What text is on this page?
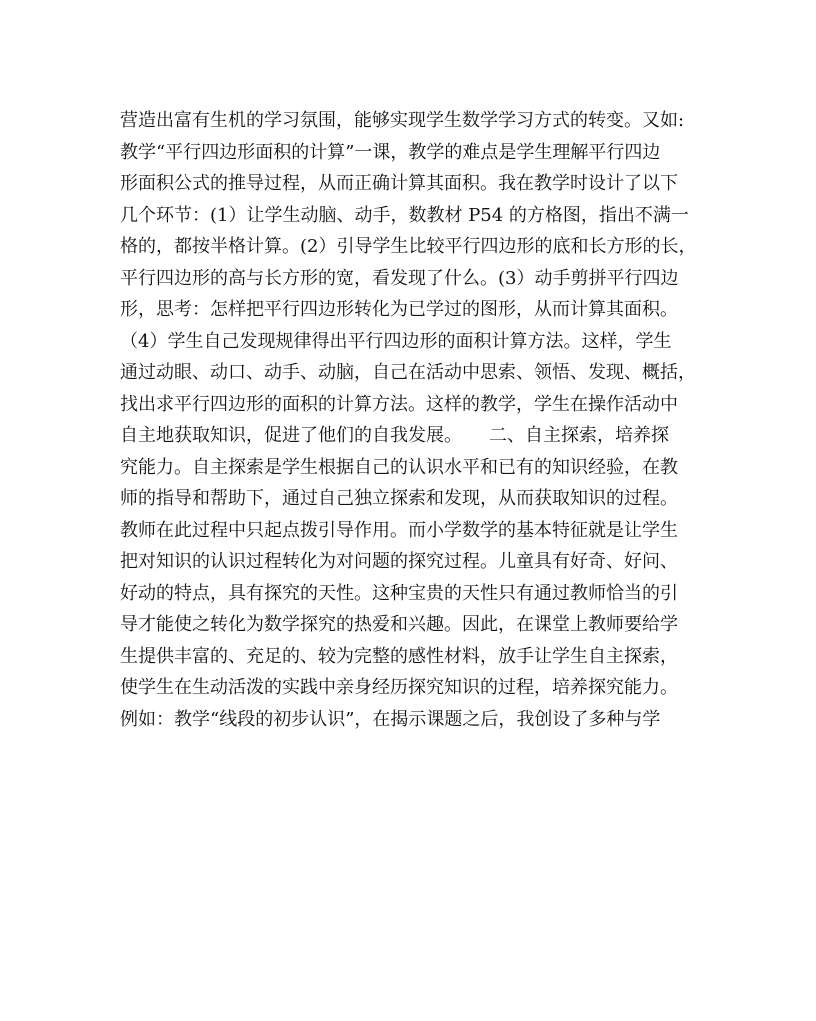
营造出富有生机的学习氛围，能够实现学生数学学习方式的转变。又如:
教学“平行四边形面积的计算”一课，教学的难点是学生理解平行四边
形面积公式的推导过程，从而正确计算其面积。我在教学时设计了以下
几个环节：(1）让学生动脑、动手，数教材 P54 的方格图，指出不满一
格的，都按半格计算。(2）引导学生比较平行四边形的底和长方形的长，
平行四边形的高与长方形的宽，看发现了什么。(3）动手剪拼平行四边
形，思考：怎样把平行四边形转化为已学过的图形，从而计算其面积。
（4）学生自己发现规律得出平行四边形的面积计算方法。这样，学生
通过动眼、动口、动手、动脑，自己在活动中思索、领悟、发现、概括，
找出求平行四边形的面积的计算方法。这样的教学，学生在操作活动中
自主地获取知识，促进了他们的自我发展。　　二、自主探索，培养探
究能力。自主探索是学生根据自己的认识水平和已有的知识经验，在教
师的指导和帮助下，通过自己独立探索和发现，从而获取知识的过程。
教师在此过程中只起点拨引导作用。而小学数学的基本特征就是让学生
把对知识的认识过程转化为对问题的探究过程。儿童具有好奇、好问、
好动的特点，具有探究的天性。这种宝贵的天性只有通过教师恰当的引
导才能使之转化为数学探究的热爱和兴趣。因此，在课堂上教师要给学
生提供丰富的、充足的、较为完整的感性材料，放手让学生自主探索，
使学生在生动活泼的实践中亲身经历探究知识的过程，培养探究能力。
例如：教学“线段的初步认识”，在揭示课题之后，我创设了多种与学
